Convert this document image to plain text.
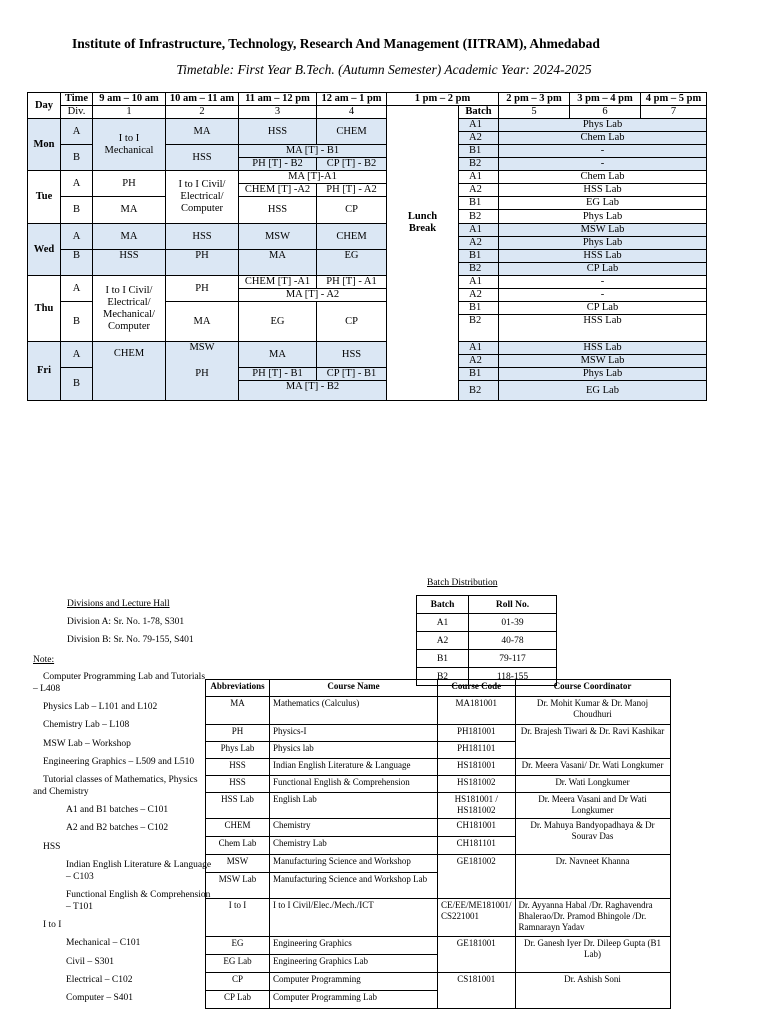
Institute of Infrastructure, Technology, Research And Management (IITRAM), Ahmedabad
Timetable: First Year B.Tech. (Autumn Semester) Academic Year: 2024-2025
Day	Time	9 am – 10 am	10 am – 11 am	11 am – 12 pm	12 am – 1 pm	1 pm – 2 pm		2 pm – 3 pm	3 pm – 4 pm	4 pm – 5 pm
	Div.	1	2	3	4		Batch	5	6	7
Mon	A	I to I Mechanical	MA	HSS	CHEM	Lunch Break	A1	Phys Lab		
							A2	Chem Lab		
	B		HSS	MA [T] - B1			B1	-		
				PH [T] - B2	CP [T] - B2		B2	-		
Tue	A	PH	I to I Civil/ Electrical/ Computer	MA [T]-A1			A1	Chem Lab		
				CHEM [T] -A2	PH [T] - A2		A2	HSS Lab		
	B	MA		HSS	CP		B1	EG Lab		
							B2	Phys Lab		
Wed	A	MA	HSS	MSW	CHEM		A1	MSW Lab		
							A2	Phys Lab		
	B	HSS	PH	MA	EG		B1	HSS Lab		
							B2	CP Lab		
Thu	A	I to I Civil/ Electrical/ Mechanical/ Computer	PH	CHEM [T] -A1	PH [T] - A1		A1	-		
				MA [T] - A2			A2	-		
	B		MA	EG	CP		B1	CP Lab		
							B2	HSS Lab		

Fri	A	CHEM	MSW	MA	HSS		A1	HSS Lab		
							A2	MSW Lab		
	B		PH	PH [T] - B1	CP [T] - B1		B1	Phys Lab		
				MA [T] - B2			B2	EG Lab		

Divisions and Lecture Hall
Division A: Sr. No. 1-78, S301
Division B: Sr. No. 79-155, S401
Note:
Computer Programming Lab and Tutorials
– L408
Physics Lab – L101 and L102
Chemistry Lab – L108
MSW Lab – Workshop
Engineering Graphics – L509 and L510
Tutorial classes of Mathematics, Physics
and Chemistry
A1 and B1 batches – C101
A2 and B2 batches – C102
HSS
Indian English Literature & Language
– C103
Functional English & Comprehension
– T101
I to I
Mechanical – C101
Civil – S301
Electrical – C102
Computer – S401
Batch Distribution
Batch	Roll No.
A1	01-39
A2	40-78
B1	79-117
B2	118-155
Abbreviations	Course Name	Course Code	Course Coordinator
MA	Mathematics (Calculus)	MA181001	Dr. Mohit Kumar & Dr. Manoj Choudhuri
PH	Physics-I	PH181001	Dr. Brajesh Tiwari & Dr. Ravi Kashikar
Phys Lab	Physics lab	PH181101	
HSS	Indian English Literature & Language	HS181001	Dr. Meera Vasani/ Dr. Wati Longkumer
HSS	Functional English & Comprehension	HS181002	Dr. Wati Longkumer
HSS Lab	English Lab	HS181001 / HS181002	Dr. Meera Vasani and Dr Wati Longkumer
CHEM	Chemistry	CH181001	Dr. Mahuya Bandyopadhaya & Dr Sourav Das
Chem Lab	Chemistry Lab	CH181101	
MSW	Manufacturing Science and Workshop	GE181002	Dr. Navneet Khanna
MSW Lab	Manufacturing Science and Workshop Lab		
I to I	I to I Civil/Elec./Mech./ICT	CE/EE/ME181001/ CS221001	Dr. Ayyanna Habal /Dr. Raghavendra Bhalerao/Dr. Pramod Bhingole /Dr. Ramnarayn Yadav
EG	Engineering Graphics	GE181001	Dr. Ganesh Iyer Dr. Dileep Gupta (B1 Lab)
EG Lab	Engineering Graphics Lab		
CP	Computer Programming	CS181001	Dr. Ashish Soni
CP Lab	Computer Programming Lab		
